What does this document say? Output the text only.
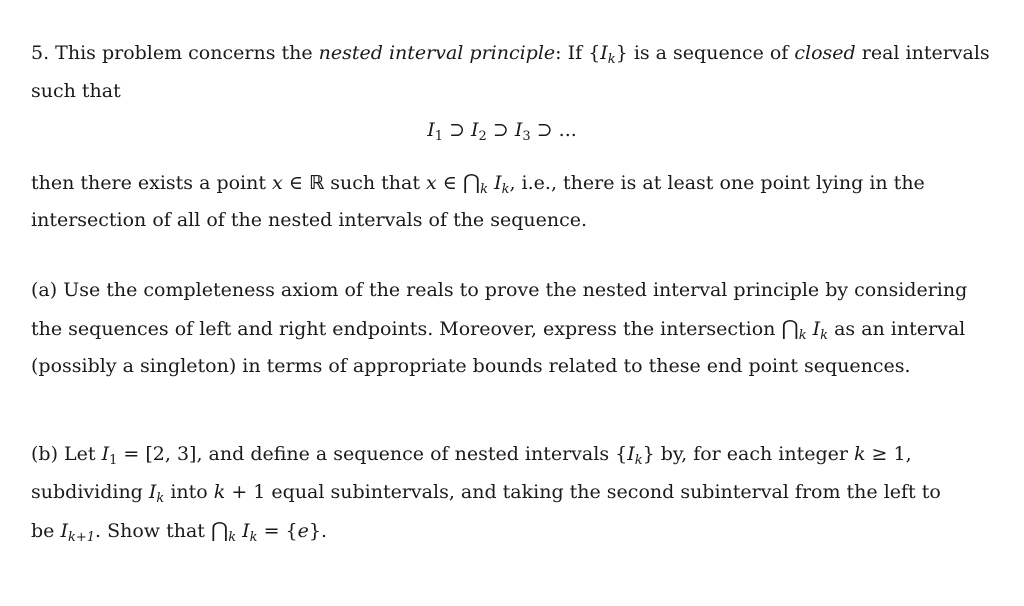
5. This problem concerns the nested interval principle: If $\{I_k\}$ is a sequence of closed real intervals
such that
$I_1$ ⊃ $I_2$ ⊃ $I_3$ ⊃ ...
then there exists a point x ∈ ℝ such that x ∈ $⋂_k$ $I_k$, i.e., there is at least one point lying in the
intersection of all of the nested intervals of the sequence.
(a) Use the completeness axiom of the reals to prove the nested interval principle by considering
the sequences of left and right endpoints. Moreover, express the intersection $⋂_k$ $I_k$ as an interval
(possibly a singleton) in terms of appropriate bounds related to these end point sequences.
(b) Let $I_1 = [2$, 3], and define a sequence of nested intervals $\{I_k\}$ by, for each integer k ≥ 1,
subdividing $I_k$ into k + 1 equal subintervals, and taking the second subinterval from the left to
be $I_{k+1}$. Show that $⋂_k$ $I_k = \{e\}$.
